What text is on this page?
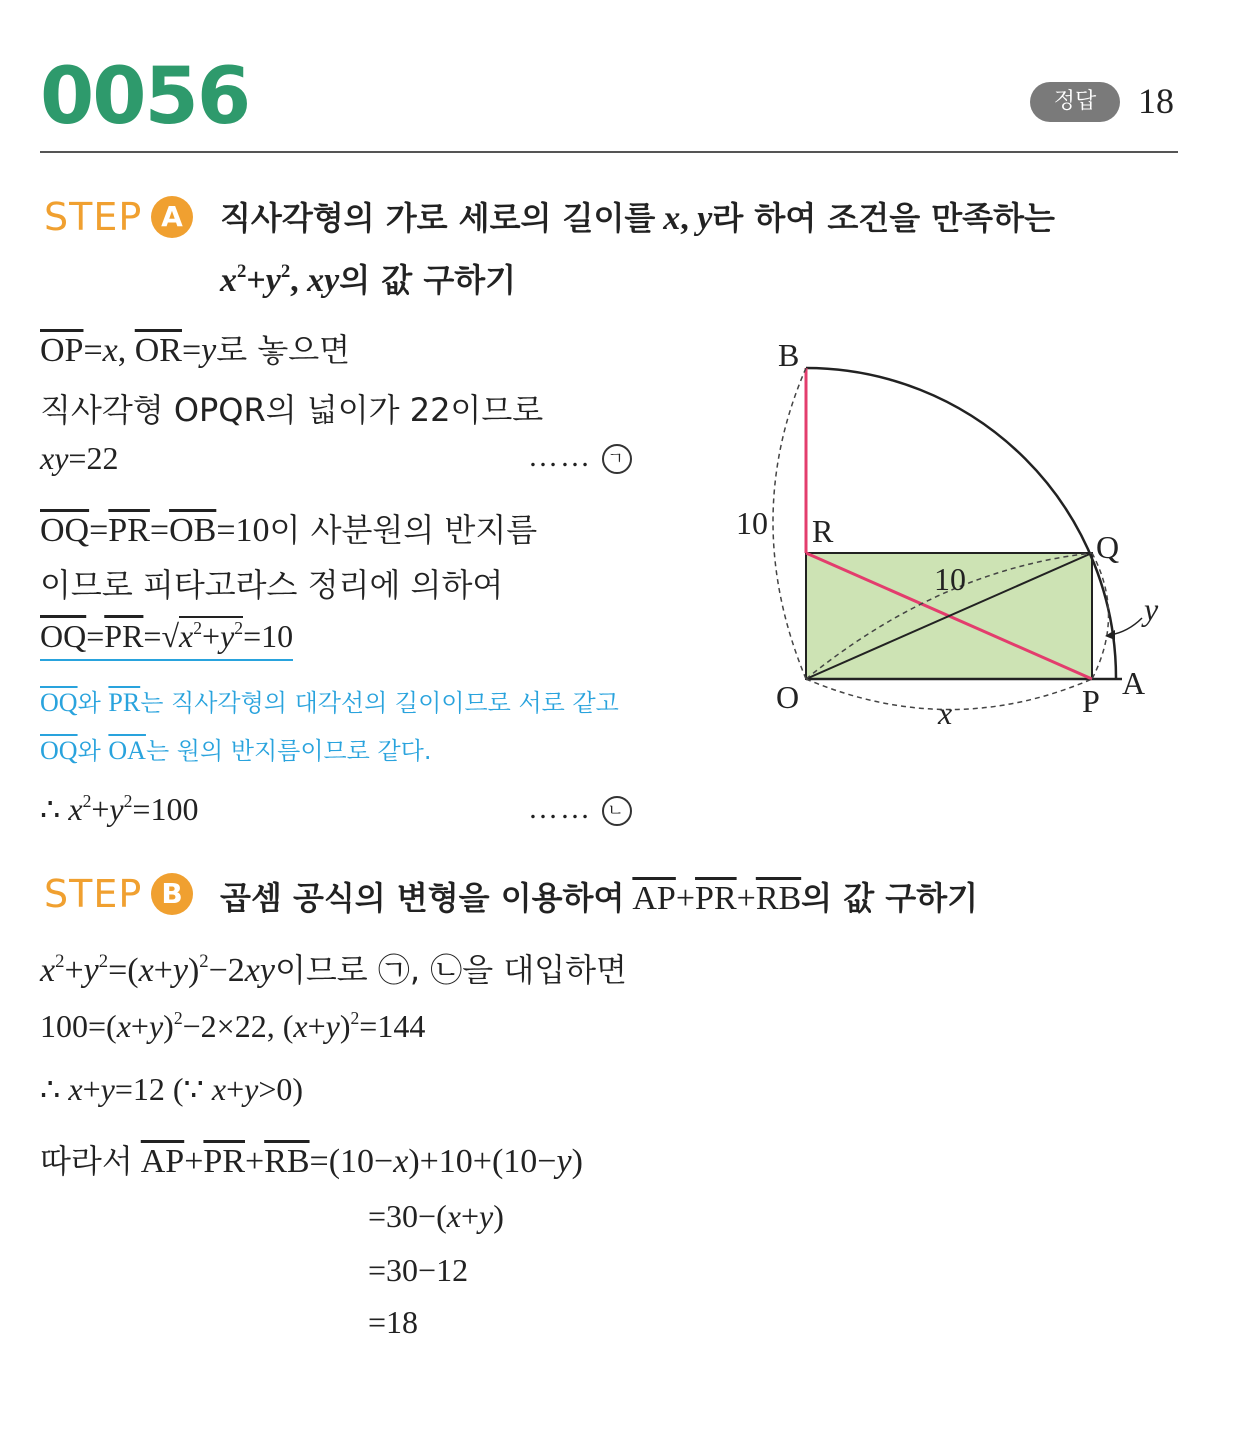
0056	정답	18
STEP A	직사각형의 가로 세로의 길이를 x, y라 하여 조건을 만족하는
$x^2+y^2$, xy의 값 구하기
$\overline{OP}=x$, $\overline{OR}=y$로 놓으면
직사각형 OPQR의 넓이가 22이므로
xy=22	…… ㄱ
$\overline{OQ}=\overline{PR}=\overline{OB}=10$이 사분원의 반지름
이므로 피타고라스 정리에 의하여
$\overline{OQ}=\overline{PR}=√x^2+y^2=10$
$\overline{OQ}$와 $\overline{PR}$는 직사각형의 대각선의 길이이므로 서로 같고
$\overline{OQ}$와 $\overline{OA}$는 원의 반지름이므로 같다.
∴ $x^2+y^2=100$	…… ㄴ
B
R	Q
O	P A
10
10
x
y
STEP B	곱셈 공식의 변형을 이용하여 $\overline{AP}+\overline{PR}+\overline{RB}$의 값 구하기
$x^2+y^2=(x+y)^2-2xy$이므로 ㉠, ㉡을 대입하면
$100=(x+y)^2-2\times 22$, $(x+y)^2=144$
∴ x+y=12 (∵ x+y>0)
따라서 $\overline{AP}+\overline{PR}+\overline{RB}=(10-x)+10+(10-y)$
=30−(x+y)
=30−12
=18
